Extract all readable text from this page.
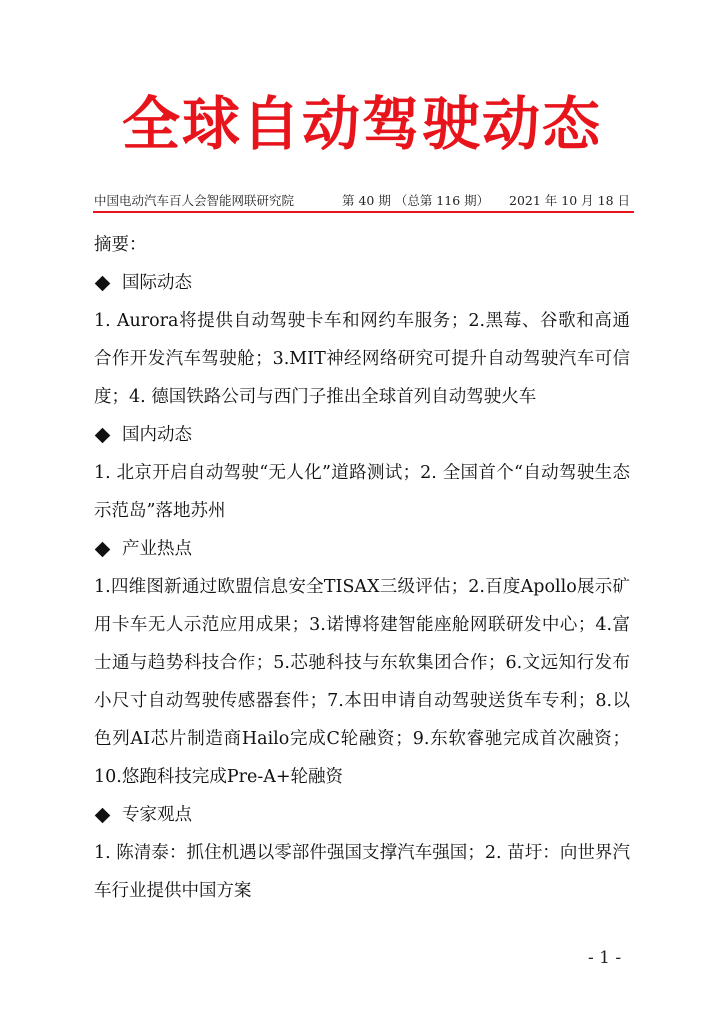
全球自动驾驶动态
中国电动汽车百人会智能网联研究院	第 40 期 （总第 116 期） 2021 年 10 月 18 日

摘要：

国际动态

1. Aurora将提供自动驾驶卡车和网约车服务；2.黑莓、谷歌和高通合作开发汽车驾驶舱；3.MIT神经网络研究可提升自动驾驶汽车可信度；4. 德国铁路公司与西门子推出全球首列自动驾驶火车

国内动态

1. 北京开启自动驾驶“无人化”道路测试；2. 全国首个“自动驾驶生态示范岛”落地苏州

产业热点

1.四维图新通过欧盟信息安全TISAX三级评估；2.百度Apollo展示矿用卡车无人示范应用成果；3.诺博将建智能座舱网联研发中心；4.富士通与趋势科技合作；5.芯驰科技与东软集团合作；6.文远知行发布小尺寸自动驾驶传感器套件；7.本田申请自动驾驶送货车专利；8.以色列AI芯片制造商Hailo完成C轮融资；9.东软睿驰完成首次融资；10.悠跑科技完成Pre-A+轮融资

专家观点

1. 陈清泰：抓住机遇以零部件强国支撑汽车强国；2. 苗圩：向世界汽车行业提供中国方案

- 1 -
